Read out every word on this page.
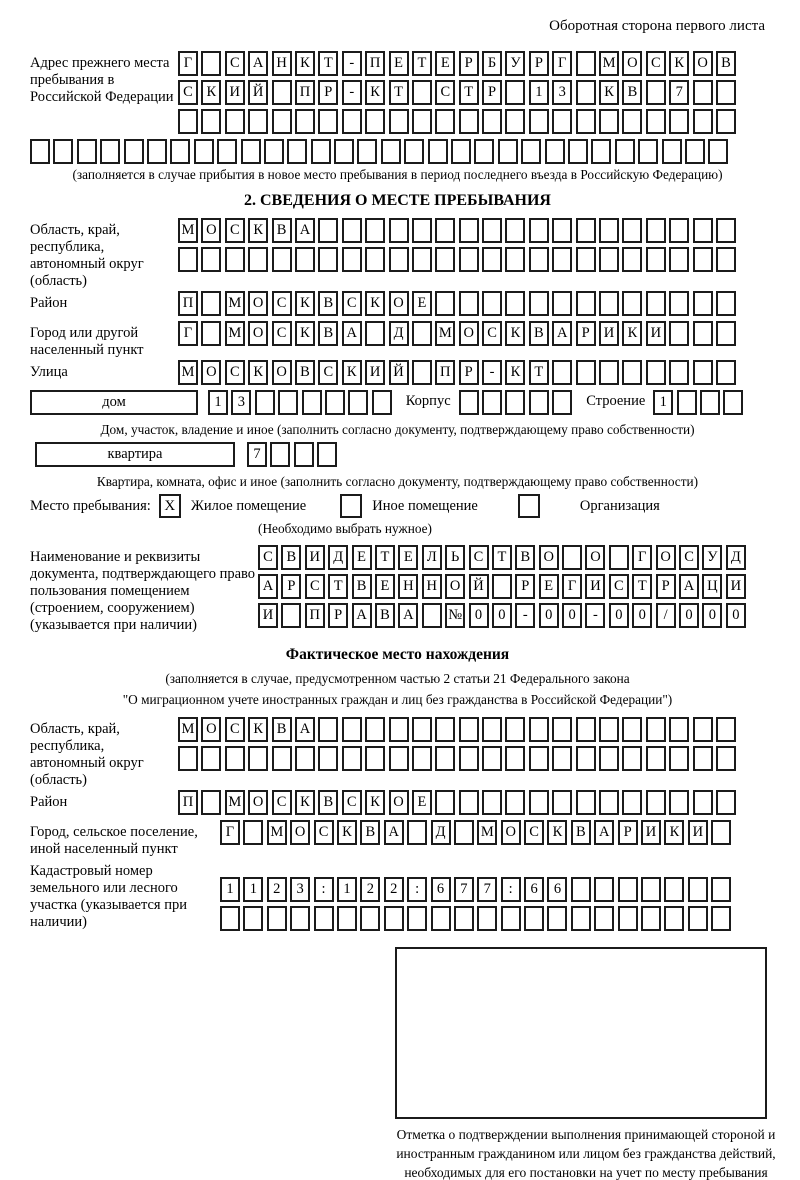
Оборотная сторона первого листа
Адрес прежнего места пребывания в Российской Федерации
Г	С А Н К Т	-	П Е	Т	Е	Р	Б У Р	Г	М О С К О В
С К И Й	П Р	-	К Т	С Т	Р	1	3	К В	7
(заполняется в случае прибытия в новое место пребывания в период последнего въезда в Российскую Федерацию)
2. СВЕДЕНИЯ О МЕСТЕ ПРЕБЫВАНИЯ
Область, край, республика, автономный округ (область)
М О С К В А
Район	П	М О С К В С К О Е
Город или другой населенный пункт
Г	М О С К В А	Д	М О С К В А Р И К И
Улица	М О С К О В С К И Й	П Р	-	К Т
дом	1	3	Корпус	Строение 1
Дом, участок, владение и иное (заполнить согласно документу, подтверждающему право собственности)
квартира	7
Квартира, комната, офис и иное (заполнить согласно документу, подтверждающему право собственности)
Место пребывания: X	Жилое помещение	Иное помещение	Организация
(Необходимо выбрать нужное)
Наименование и реквизиты документа, подтверждающего право пользования помещением (строением, сооружением) (указывается при наличии)
С В И Д Е	Т	Е Л Ь С Т В О	О	Г О С У Д
А Р	С Т В Е Н Н О Й	Р	Е	Г И С Т	Р А Ц И
И	П Р А В А	№ 0	0	-	0	0	-	0	0	/	0	0	0
Фактическое место нахождения
(заполняется в случае, предусмотренном частью 2 статьи 21 Федерального закона
"О миграционном учете иностранных граждан и лиц без гражданства в Российской Федерации")
Область, край, республика, автономный округ (область)
М О С К В А
Район	П	М О С К В С К О Е
Город, сельское поселение, иной населенный пункт
Г	М О С К В А	Д	М О С К В А Р И К И
Кадастровый номер земельного или лесного участка (указывается при наличии)
1	1	2	3	:	1	2	2	:	6	7	7	:	6	6
Отметка о подтверждении выполнения принимающей стороной и иностранным гражданином или лицом без гражданства действий, необходимых для его постановки на учет по месту пребывания
